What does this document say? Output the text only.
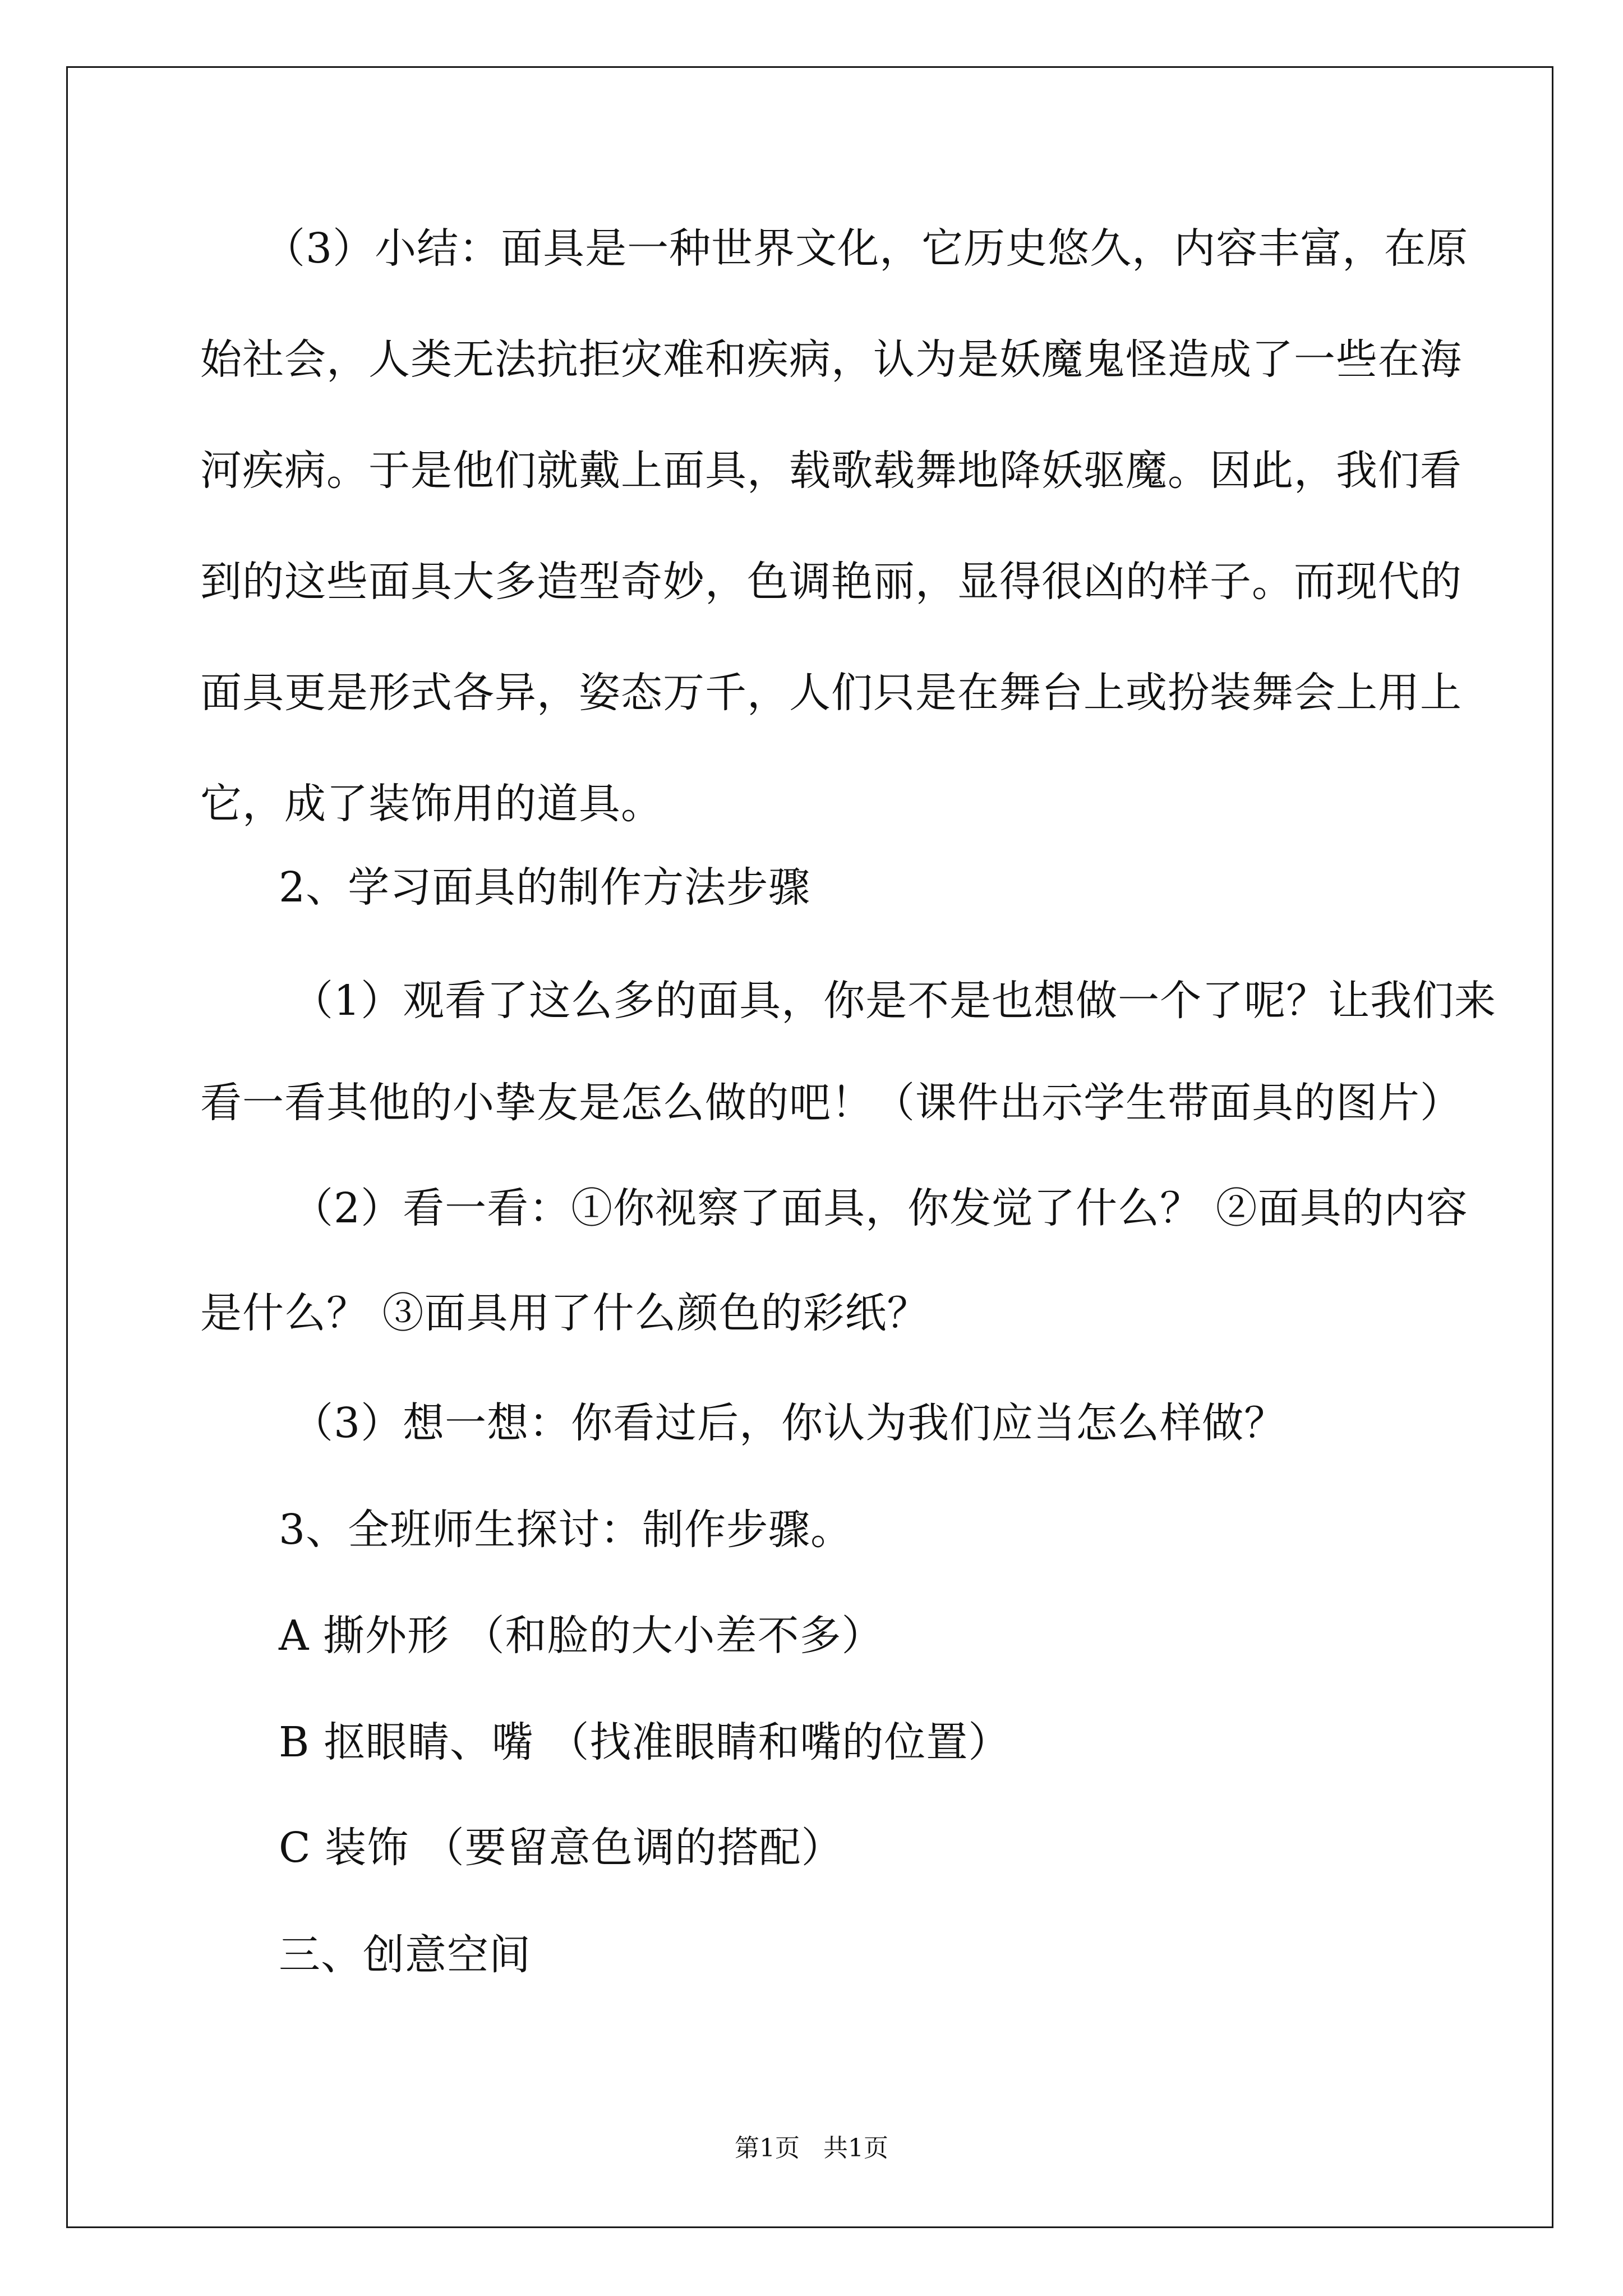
（3）小结：面具是一种世界文化，它历史悠久，内容丰富，在原
始社会，人类无法抗拒灾难和疾病，认为是妖魔鬼怪造成了一些在海
河疾病。于是他们就戴上面具，载歌载舞地降妖驱魔。因此，我们看
到的这些面具大多造型奇妙，色调艳丽，显得很凶的样子。而现代的
面具更是形式各异，姿态万千，人们只是在舞台上或扮装舞会上用上
它，成了装饰用的道具。
2、学习面具的制作方法步骤
（1）观看了这么多的面具，你是不是也想做一个了呢？让我们来
看一看其他的小挚友是怎么做的吧！（课件出示学生带面具的图片）
（2）看一看：①你视察了面具，你发觉了什么？ ②面具的内容
是什么？ ③面具用了什么颜色的彩纸？
（3）想一想：你看过后，你认为我们应当怎么样做？
3、全班师生探讨：制作步骤。
A 撕外形 （和脸的大小差不多）
B 抠眼睛、嘴 （找准眼睛和嘴的位置）
C 装饰 （要留意色调的搭配）
三、创意空间
第1页   共1页
